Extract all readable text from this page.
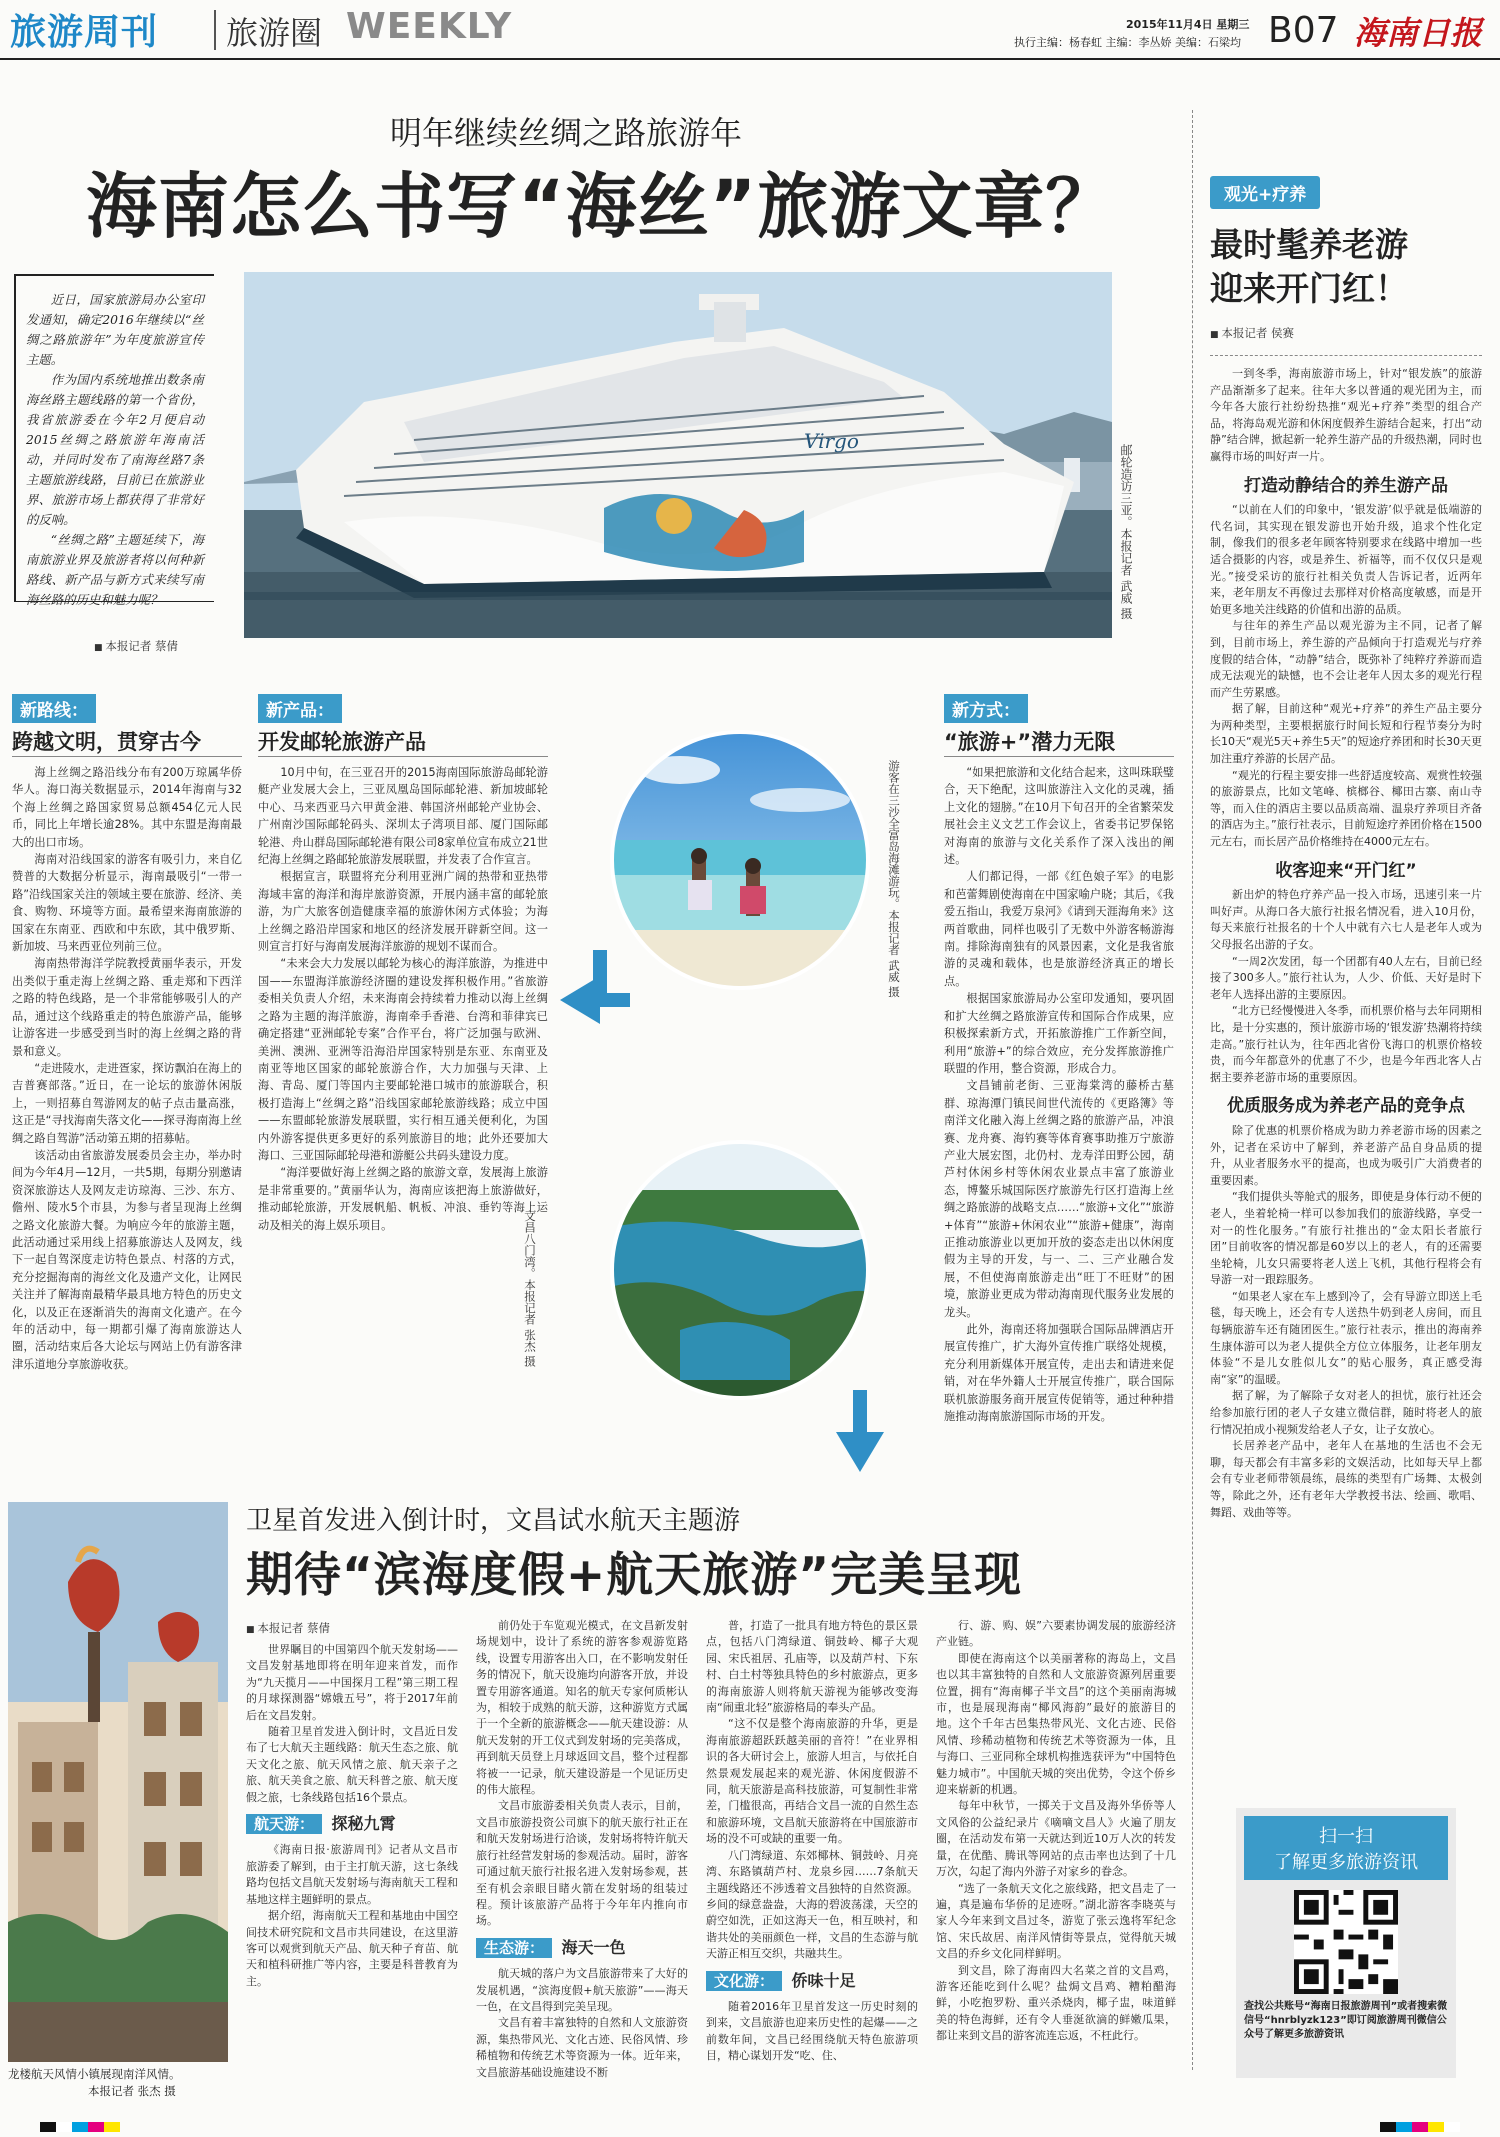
旅游周刊 旅游圈 WEEKLY	2015年11月4日 星期三
执行主编：杨春虹 主编：李丛娇 美编：石梁均 B07 海南日报
明年继续丝绸之路旅游年
海南怎么书写“海丝”旅游文章？

近日，国家旅游局办公室印发通知，确定2016年继续以“丝绸之路旅游年”为年度旅游宣传主题。

作为国内系统地推出数条南海丝路主题线路的第一个省份，我省旅游委在今年2月便启动2015丝绸之路旅游年海南活动，并同时发布了南海丝路7条主题旅游线路，目前已在旅游业界、旅游市场上都获得了非常好的反响。

“丝绸之路”主题延续下，海南旅游业界及旅游者将以何种新路线、新产品与新方式来续写南海丝路的历史和魅力呢？

■ 本报记者 蔡倩
Virgo
邮轮造访三亚。本报记者 武威 摄
新路线：
跨越文明，贯穿古今

海上丝绸之路沿线分布有200万琼属华侨华人。海口海关数据显示，2014年海南与32个海上丝绸之路国家贸易总额454亿元人民币，同比上年增长逾28%。其中东盟是海南最大的出口市场。

海南对沿线国家的游客有吸引力，来自亿赞普的大数据分析显示，海南最吸引“一带一路”沿线国家关注的领域主要在旅游、经济、美食、购物、环境等方面。最希望来海南旅游的国家在东南亚、西欧和中东欧，其中俄罗斯、新加坡、马来西亚位列前三位。

海南热带海洋学院教授黄丽华表示，开发出类似于重走海上丝绸之路、重走郑和下西洋之路的特色线路，是一个非常能够吸引人的产品，通过这个线路重走的特色旅游产品，能够让游客进一步感受到当时的海上丝绸之路的背景和意义。

“走进陵水，走进疍家，探访飘泊在海上的吉普赛部落。”近日，在一论坛的旅游休闲版上，一则招募自驾游网友的帖子点击量高涨，这正是“寻找海南失落文化——探寻海南海上丝绸之路自驾游”活动第五期的招募帖。

该活动由省旅游发展委员会主办，举办时间为今年4月—12月，一共5期，每期分别邀请资深旅游达人及网友走访琼海、三沙、东方、儋州、陵水5个市县，为参与者呈现海上丝绸之路文化旅游大餐。为响应今年的旅游主题，此活动通过采用线上招募旅游达人及网友，线下一起自驾深度走访特色景点、村落的方式，充分挖掘海南的海丝文化及遗产文化，让网民关注并了解海南最精华最具地方特色的历史文化，以及正在逐渐消失的海南文化遗产。在今年的活动中，每一期都引爆了海南旅游达人圈，活动结束后各大论坛与网站上仍有游客津津乐道地分享旅游收获。

新产品：
开发邮轮旅游产品

10月中旬，在三亚召开的2015海南国际旅游岛邮轮游艇产业发展大会上，三亚凤凰岛国际邮轮港、新加坡邮轮中心、马来西亚马六甲黄金港、韩国济州邮轮产业协会、广州南沙国际邮轮码头、深圳太子湾项目部、厦门国际邮轮港、舟山群岛国际邮轮港有限公司8家单位宣布成立21世纪海上丝绸之路邮轮旅游发展联盟，并发表了合作宣言。

根据宣言，联盟将充分利用亚洲广阔的热带和亚热带海域丰富的海洋和海岸旅游资源，开展内涵丰富的邮轮旅游，为广大旅客创造健康幸福的旅游休闲方式体验；为海上丝绸之路沿岸国家和地区的经济发展开辟新空间。这一则宣言打好与海南发展海洋旅游的规划不谋而合。

“未来会大力发展以邮轮为核心的海洋旅游，为推进中国——东盟海洋旅游经济圈的建设发挥积极作用。”省旅游委相关负责人介绍，未来海南会持续着力推动以海上丝绸之路为主题的海洋旅游，海南牵手香港、台湾和菲律宾已确定搭建“亚洲邮轮专案”合作平台，将广泛加强与欧洲、美洲、澳洲、亚洲等沿海沿岸国家特别是东亚、东南亚及南亚等地区国家的邮轮旅游合作，大力加强与天津、上海、青岛、厦门等国内主要邮轮港口城市的旅游联合，积极打造海上“丝绸之路”沿线国家邮轮旅游线路；成立中国——东盟邮轮旅游发展联盟，实行相互通关便利化，为国内外游客提供更多更好的系列旅游目的地；此外还要加大海口、三亚国际邮轮母港和游艇公共码头建设力度。

“海洋要做好海上丝绸之路的旅游文章，发展海上旅游是非常重要的。”黄丽华认为，海南应该把海上旅游做好，推动邮轮旅游，开发展帆船、帆板、冲浪、垂钓等海上运动及相关的海上娱乐项目。

新方式：
“旅游+”潜力无限

“如果把旅游和文化结合起来，这叫珠联璧合，天下绝配，这叫旅游注入文化的灵魂，插上文化的翅膀。”在10月下旬召开的全省繁荣发展社会主义文艺工作会议上，省委书记罗保铭对海南的旅游与文化关系作了深入浅出的阐述。

人们都记得，一部《红色娘子军》的电影和芭蕾舞剧使海南在中国家喻户晓；其后，《我爱五指山，我爱万泉河》《请到天涯海角来》这两首歌曲，同样也吸引了无数中外游客畅游海南。排除海南独有的风景因素，文化是我省旅游的灵魂和载体，也是旅游经济真正的增长点。

根据国家旅游局办公室印发通知，要巩固和扩大丝绸之路旅游宣传和国际合作成果，应积极探索新方式，开拓旅游推广工作新空间，利用“旅游+”的综合效应，充分发挥旅游推广联盟的作用，整合资源，形成合力。

文昌铺前老街、三亚海棠湾的藤桥古墓群、琼海潭门镇民间世代流传的《更路簿》等南洋文化融入海上丝绸之路的旅游产品，冲浪赛、龙舟赛、海钓赛等体育赛事助推万宁旅游产业大展宏图，北仍村、龙寿洋田野公园，葫芦村休闲乡村等休闲农业景点丰富了旅游业态，博鳌乐城国际医疗旅游先行区打造海上丝绸之路旅游的战略支点……“旅游+文化”“旅游+体育”“旅游+休闲农业”“旅游+健康”，海南正推动旅游业以更加开放的姿态走出以休闲度假为主导的开发，与一、二、三产业融合发展，不但使海南旅游走出“旺丁不旺财”的困境，旅游业更成为带动海南现代服务业发展的龙头。

此外，海南还将加强联合国际品牌酒店开展宣传推广，扩大海外宣传推广联络处规模，充分利用新媒体开展宣传，走出去和请进来促销，对在华外籍人士开展宣传推广，联合国际联机旅游服务商开展宣传促销等，通过种种措施推动海南旅游国际市场的开发。

游客在三沙全富岛海滩游玩。本报记者 武威 摄
文昌八门湾。本报记者 张杰 摄
观光+疗养
最时髦养老游迎来开门红！
■ 本报记者 侯赛

一到冬季，海南旅游市场上，针对“银发族”的旅游产品渐渐多了起来。往年大多以普通的观光团为主，而今年各大旅行社纷纷热推“观光+疗养”类型的组合产品，将海岛观光游和休闲度假养生游结合起来，打出“动静”结合牌，掀起新一轮养生游产品的升级热潮，同时也赢得市场的叫好声一片。

打造动静结合的养生游产品

“以前在人们的印象中，‘银发游’似乎就是低端游的代名词，其实现在银发游也开始升级，追求个性化定制，像我们的很多老年顾客特别要求在线路中增加一些适合摄影的内容，或是养生、祈福等，而不仅仅只是观光。”接受采访的旅行社相关负责人告诉记者，近两年来，老年朋友不再像过去那样对价格高度敏感，而是开始更多地关注线路的价值和出游的品质。

与往年的养生产品以观光游为主不同，记者了解到，目前市场上，养生游的产品倾向于打造观光与疗养度假的结合体，“动静”结合，既弥补了纯粹疗养游而造成无法观光的缺憾，也不会让老年人因太多的观光行程而产生劳累感。

据了解，目前这种“观光+疗养”的养生产品主要分为两种类型，主要根据旅行时间长短和行程节奏分为时长10天“观光5天+养生5天”的短途疗养团和时长30天更加注重疗养游的长居产品。

“观光的行程主要安排一些舒适度较高、观赏性较强的旅游景点，比如文笔峰、槟榔谷、椰田古寨、南山寺等，而入住的酒店主要以品质高端、温泉疗养项目齐备的酒店为主。”旅行社表示，目前短途疗养团价格在1500元左右，而长居产品价格维持在4000元左右。

收客迎来“开门红”

新出炉的特色疗养产品一投入市场，迅速引来一片叫好声。从海口各大旅行社报名情况看，进入10月份，每天来旅行社报名的十个人中就有六七人是老年人或为父母报名出游的子女。

“一周2次发团，每一个团都有40人左右，目前已经接了300多人。”旅行社认为，人少、价低、天好是时下老年人选择出游的主要原因。

“北方已经慢慢进入冬季，而机票价格与去年同期相比，是十分实惠的，预计旅游市场的‘银发游’热潮将持续走高。”旅行社认为，往年西北省份飞海口的机票价格较贵，而今年都意外的优惠了不少，也是今年西北客人占据主要养老游市场的重要原因。

优质服务成为养老产品的竞争点

除了优惠的机票价格成为助力养老游市场的因素之外，记者在采访中了解到，养老游产品自身品质的提升，从业者服务水平的提高，也成为吸引广大消费者的重要因素。

“我们提供头等舱式的服务，即使是身体行动不便的老人，坐着轮椅一样可以参加我们的旅游线路，享受一对一的性化服务。”有旅行社推出的“金太阳长者旅行团”目前收客的情况都是60岁以上的老人，有的还需要坐轮椅，儿女只需要将老人送上飞机，其他行程将会有导游一对一跟踪服务。

“如果老人家在车上感到冷了，会有导游立即送上毛毯，每天晚上，还会有专人送热牛奶到老人房间，而且每辆旅游车还有随团医生。”旅行社表示，推出的海南养生康体游可以为老人提供全方位立体服务，让老年朋友体验“不是儿女胜似儿女”的贴心服务，真正感受海南“家”的温暖。

据了解，为了解除子女对老人的担忧，旅行社还会给参加旅行团的老人子女建立微信群，随时将老人的旅行情况拍成小视频发给老人子女，让子女放心。

长居养老产品中，老年人在基地的生活也不会无聊，每天都会有丰富多彩的文娱活动，比如每天早上都会有专业老师带领晨练，晨练的类型有广场舞、太极剑等，除此之外，还有老年大学教授书法、绘画、歌唱、舞蹈、戏曲等等。

扫一扫
了解更多旅游资讯
查找公共账号“海南日报旅游周刊”或者搜索微信号“hnrblyzk123”即订阅旅游周刊微信公众号了解更多旅游资讯
龙楼航天风情小镇展现南洋风情。
本报记者 张杰 摄
卫星首发进入倒计时，文昌试水航天主题游
期待“滨海度假+航天旅游”完美呈现
■ 本报记者 蔡倩

世界瞩目的中国第四个航天发射场——文昌发射基地即将在明年迎来首发，而作为“九天揽月——中国探月工程”第三期工程的月球探测器“嫦娥五号”，将于2017年前后在文昌发射。

随着卫星首发进入倒计时，文昌近日发布了七大航天主题线路：航天生态之旅、航天文化之旅、航天风情之旅、航天亲子之旅、航天美食之旅、航天科普之旅、航天度假之旅，七条线路包括16个景点。

航天游： 探秘九霄

《海南日报·旅游周刊》记者从文昌市旅游委了解到，由于主打航天游，这七条线路均包括文昌航天发射场与海南航天工程和基地这样主题鲜明的景点。

据介绍，海南航天工程和基地由中国空间技术研究院和文昌市共同建设，在这里游客可以观赏到航天产品、航天种子育苗、航天和植科研推广等内容，主要是科普教育为主。

前仍处于车览观光模式，在文昌新发射场规划中，设计了系统的游客参观游览路线，设置专用游客出入口，在不影响发射任务的情况下，航天设施均向游客开放，并设置专用游客通道。知名的航天专家何质彬认为，相较于成熟的航天游，这种游览方式属于一个全新的旅游概念——航天建设游：从航天发射的开工仪式到发射场的完美落成，再到航天员登上月球返回文昌，整个过程都将被一一记录，航天建设游是一个见证历史的伟大旅程。

文昌市旅游委相关负责人表示，目前，文昌市旅游投资公司旗下的航天旅行社正在和航天发射场进行洽谈，发射场将特许航天旅行社经营发射场的参观活动。届时，游客可通过航天旅行社报名进入发射场参观，甚至有机会亲眼目睹火箭在发射场的组装过程。预计该旅游产品将于今年年内推向市场。

生态游： 海天一色

航天城的落户为文昌旅游带来了大好的发展机遇，“滨海度假+航天旅游”——海天一色，在文昌得到完美呈现。

文昌有着丰富独特的自然和人文旅游资源，集热带风光、文化古迹、民俗风情、珍稀植物和传统艺术等资源为一体。近年来，文昌旅游基础设施建设不断

普，打造了一批具有地方特色的景区景点，包括八门湾绿道、铜鼓岭、椰子大观园、宋氏祖居、孔庙等，以及葫芦村、下东村、白土村等独具特色的乡村旅游点，更多的海南旅游人则将航天游视为能够改变海南“闹重北轻”旅游格局的奉头产品。

“这不仅是整个海南旅游的升华，更是海南旅游超跃跃越美丽的音符！”在业界相识的各大研讨会上，旅游人坦言，与依托自然景观发展起来的观光游、休闲度假游不同，航天旅游是高科技旅游，可复制性非常差，门槛很高，再结合文昌一流的自然生态和旅游环境，文昌航天旅游将在中国旅游市场的没不可或缺的重要一角。

八门湾绿道、东郊椰林、铜鼓岭、月亮湾、东路镇葫芦村、龙泉乡园……7条航天主题线路还不涉透着文昌独特的自然资源。乡间的绿意盎盎，大海的碧波荡漾，天空的蔚空如洗，正如这海天一色，相互映衬，和谐共处的美丽颜色一样，文昌的生态游与航天游正相互交织，共融共生。

文化游： 侨味十足

随着2016年卫星首发这一历史时刻的到来，文昌旅游也迎来历史性的起爆——之前数年间，文昌已经围绕航天特色旅游项目，精心谋划开发“吃、住、

行、游、购、娱”六要素协调发展的旅游经济产业链。

即使在海南这个以美丽著称的海岛上，文昌也以其丰富独特的自然和人文旅游资源列居重要位置，拥有“海南椰子半文昌”的这个美丽南海城市，也是展现海南“椰风海韵”最好的旅游目的地。这个千年古邑集热带风光、文化古迹、民俗风情、珍稀动植物和传统艺术等资源为一体，且与海口、三亚同称全球机构推选获评为“中国特色魅力城市”。中国航天城的突出优势，令这个侨乡迎来崭新的机遇。

每年中秋节，一掷关于文昌及海外华侨等人文风俗的公益纪录片《嘀嘀文昌人》火遍了朋友圈，在活动发布第一天就达到近10万人次的转发量，在优酷、腾讯等网站的点击率也达到了十几万次，勾起了海内外游子对家乡的眷念。

“选了一条航天文化之旅线路，把文昌走了一遍，真是遍布华侨的足迹呀。”湖北游客李晓英与家人今年来到文昌过冬，游览了张云逸将军纪念馆、宋氏故居、南洋风情街等景点，觉得航天城文昌的乔乡文化同样鲜明。

到文昌，除了海南四大名菜之首的文昌鸡，游客还能吃到什么呢？盐焗文昌鸡、糟粕醋海鲜，小吃抱罗粉、重兴杀烧肉，椰子盅，味道鲜美的特色海鲜，还有令人垂涎欲滴的鲜嫩瓜果，都让来到文昌的游客流连忘返，不枉此行。
